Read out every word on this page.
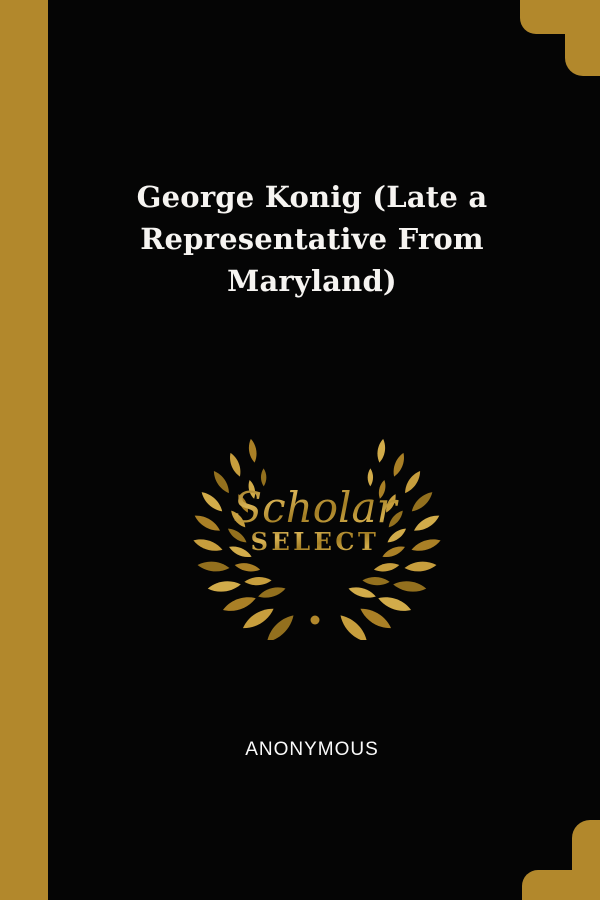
George Konig (Late a
Representative From
Maryland)
Scholar
SELECT
ANONYMOUS
